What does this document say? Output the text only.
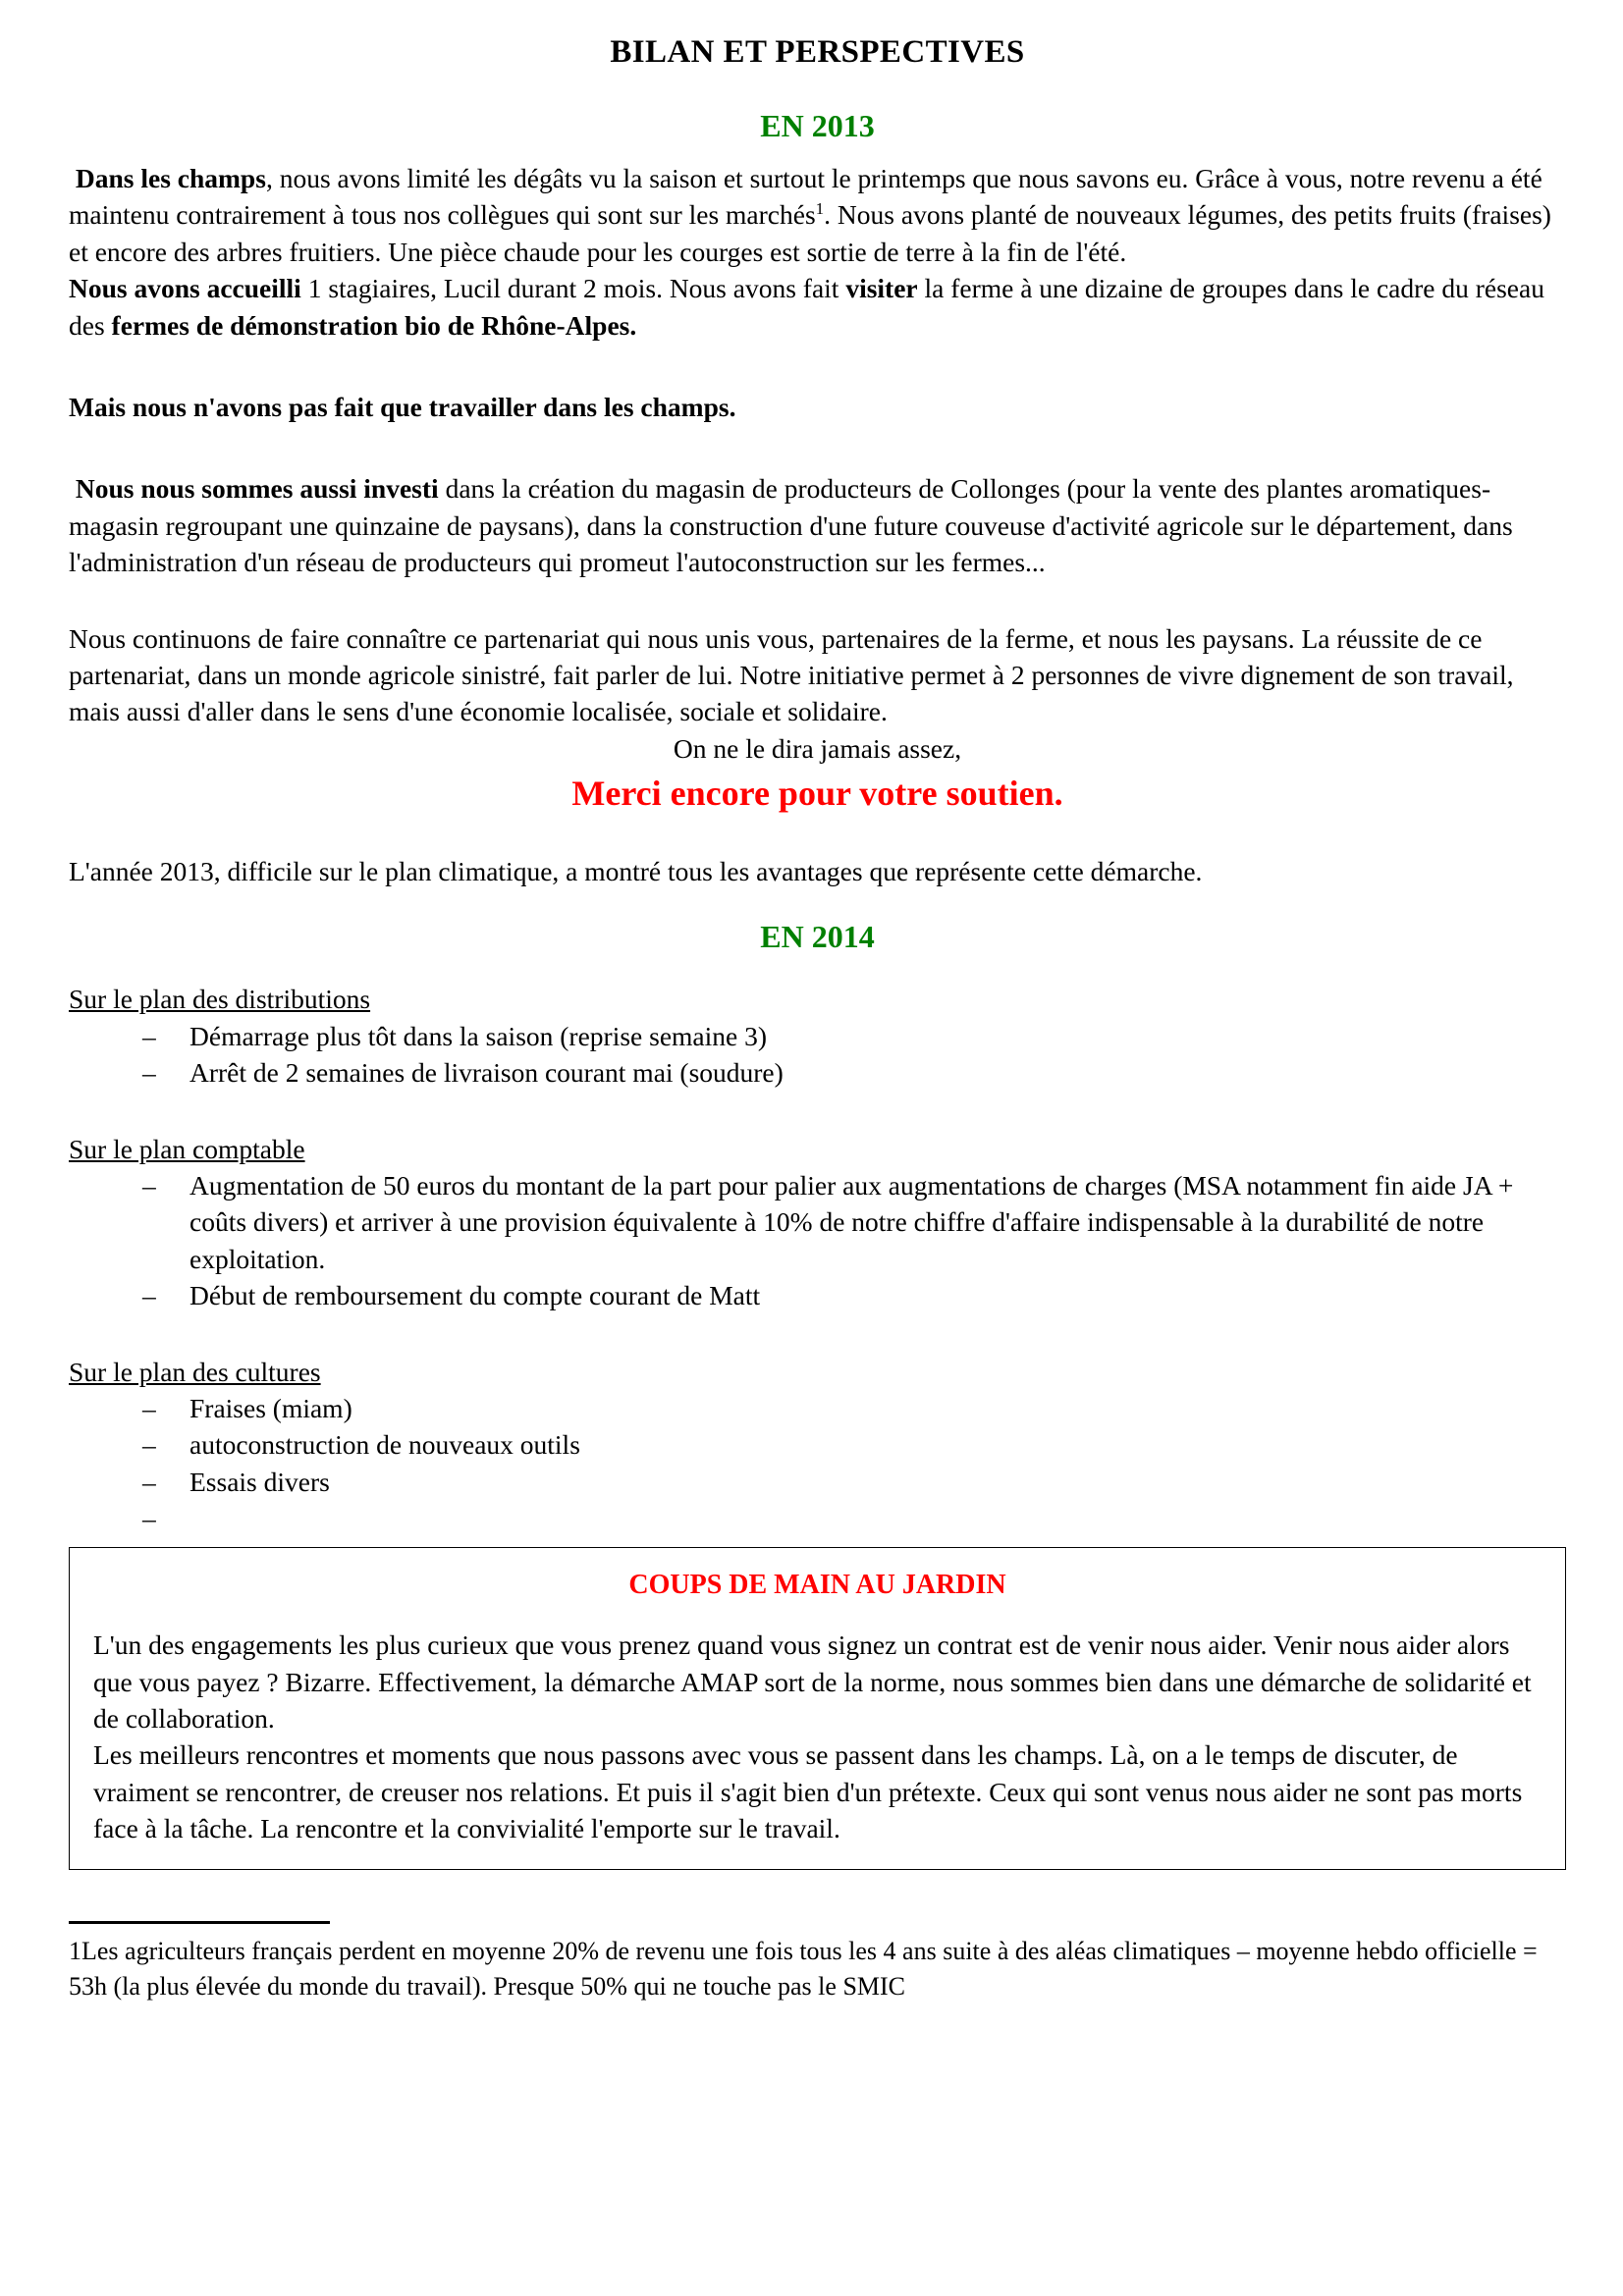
BILAN ET PERSPECTIVES
EN 2013

Dans les champs, nous avons limité les dégâts vu la saison et surtout le printemps que nous savons eu. Grâce à vous, notre revenu a été maintenu contrairement à tous nos collègues qui sont sur les marchés$^1$. Nous avons planté de nouveaux légumes, des petits fruits (fraises) et encore des arbres fruitiers. Une pièce chaude pour les courges est sortie de terre à la fin de l'été.

Nous avons accueilli 1 stagiaires, Lucil durant 2 mois. Nous avons fait visiter la ferme à une dizaine de groupes dans le cadre du réseau des fermes de démonstration bio de Rhône-Alpes.

Mais nous n'avons pas fait que travailler dans les champs.

Nous nous sommes aussi investi dans la création du magasin de producteurs de Collonges (pour la vente des plantes aromatiques-magasin regroupant une quinzaine de paysans), dans la construction d'une future couveuse d'activité agricole sur le département, dans l'administration d'un réseau de producteurs qui promeut l'autoconstruction sur les fermes...

Nous continuons de faire connaître ce partenariat qui nous unis vous, partenaires de la ferme, et nous les paysans. La réussite de ce partenariat, dans un monde agricole sinistré, fait parler de lui. Notre initiative permet à 2 personnes de vivre dignement de son travail, mais aussi d'aller dans le sens d'une économie localisée, sociale et solidaire.

On ne le dira jamais assez,

Merci encore pour votre soutien.

L'année 2013, difficile sur le plan climatique, a montré tous les avantages que représente cette démarche.

EN 2014
Sur le plan des distributions
– Démarrage plus tôt dans la saison (reprise semaine 3)
– Arrêt de 2 semaines de livraison courant mai (soudure)
Sur le plan comptable
– Augmentation de 50 euros du montant de la part pour palier aux augmentations de charges (MSA notamment fin aide JA + coûts divers) et arriver à une provision équivalente à 10% de notre chiffre d'affaire indispensable à la durabilité de notre exploitation.
– Début de remboursement du compte courant de Matt
Sur le plan des cultures
– Fraises (miam)
– autoconstruction de nouveaux outils
– Essais divers
–

COUPS DE MAIN AU JARDIN

L'un des engagements les plus curieux que vous prenez quand vous signez un contrat est de venir nous aider. Venir nous aider alors que vous payez ? Bizarre. Effectivement, la démarche AMAP sort de la norme, nous sommes bien dans une démarche de solidarité et de collaboration.

Les meilleurs rencontres et moments que nous passons avec vous se passent dans les champs. Là, on a le temps de discuter, de vraiment se rencontrer, de creuser nos relations. Et puis il s'agit bien d'un prétexte. Ceux qui sont venus nous aider ne sont pas morts face à la tâche. La rencontre et la convivialité l'emporte sur le travail.

1Les agriculteurs français perdent en moyenne 20% de revenu une fois tous les 4 ans suite à des aléas climatiques – moyenne hebdo officielle = 53h (la plus élevée du monde du travail). Presque 50% qui ne touche pas le SMIC
